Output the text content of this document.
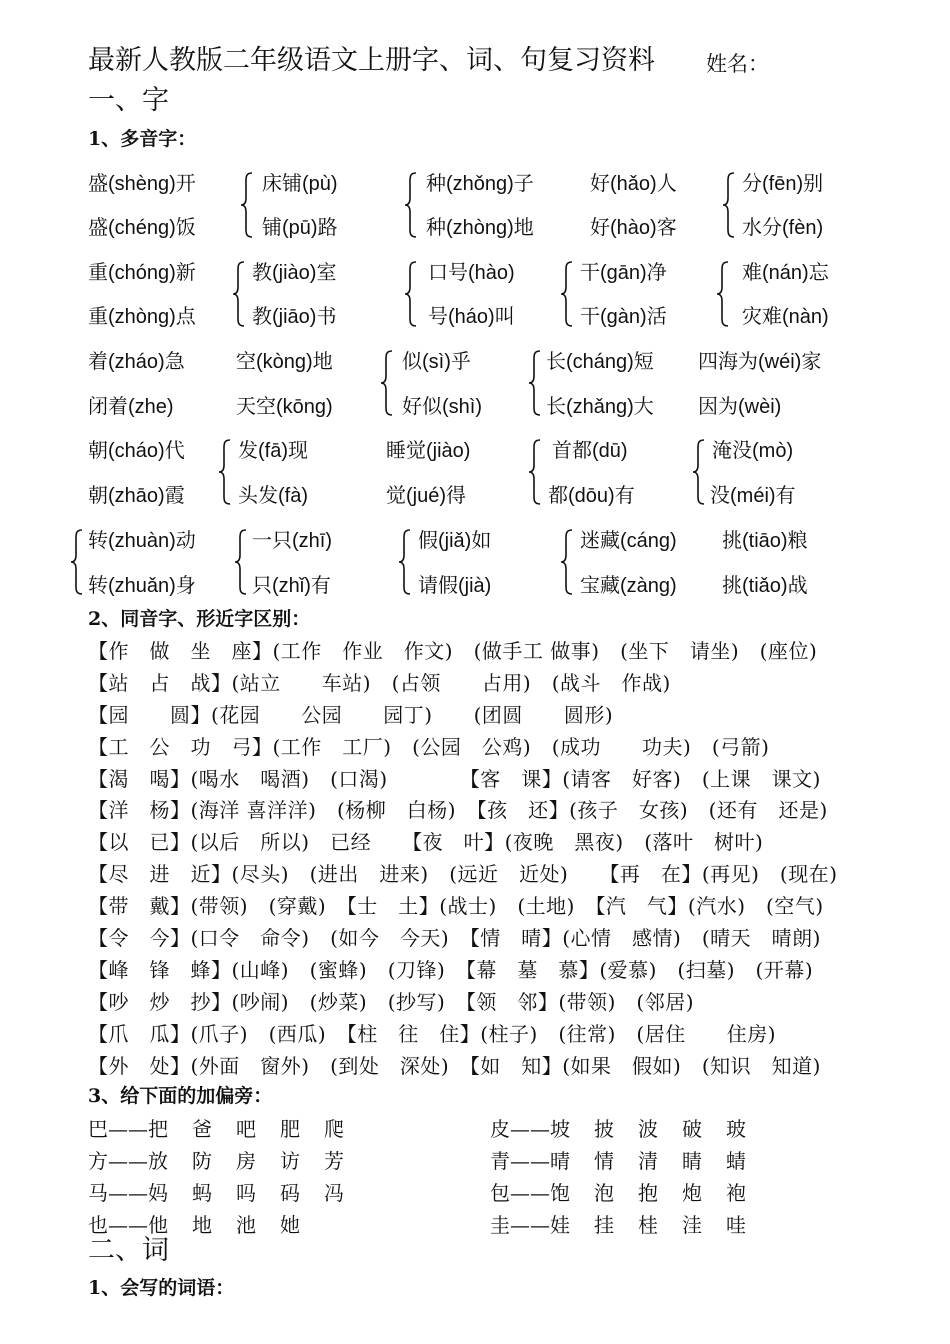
最新人教版二年级语文上册字、词、句复习资料 姓名：
一、字
1、多音字：
盛(shèng)开	床铺(pù)	种(zhǒng)子	好(hǎo)人	分(fēn)别
盛(chéng)饭	铺(pū)路	种(zhòng)地	好(hào)客	水分(fèn)
重(chóng)新	教(jiào)室	口号(hào)	干(gān)净	难(nán)忘
重(zhòng)点	教(jiāo)书	号(háo)叫	干(gàn)活	灾难(nàn)
着(zháo)急	空(kòng)地	似(sì)乎	长(cháng)短 四海为(wéi)家
闭着(zhe)	天空(kōng)	好似(shì)	长(zhǎng)大 因为(wèi)
朝(cháo)代	发(fā)现	睡觉(jiào)	首都(dū)	淹没(mò)
朝(zhāo)霞	头发(fà)	觉(jué)得	都(dōu)有	没(méi)有
转(zhuàn)动	一只(zhī)	假(jiǎ)如	迷藏(cáng) 挑(tiāo)粮
转(zhuǎn)身	只(zhǐ)有	请假(jià)	宝藏(zàng) 挑(tiǎo)战
2、同音字、形近字区别：
【作　做　坐　座】(工作　作业　作文)　(做手工 做事)　(坐下　请坐)　(座位)
【站　占　战】(站立　　车站)　(占领　　占用)　(战斗　作战)
【园　　圆】(花园　　公园　　园丁)　　(团圆　　圆形)
【工　公　功　弓】(工作　工厂)　(公园　公鸡)　(成功　　功夫)　(弓箭)
【渴　喝】(喝水　喝酒)　(口渴)　　　　【客　课】(请客　好客)　(上课　课文)
【洋　杨】(海洋 喜洋洋)　(杨柳　白杨)　【孩　还】(孩子　女孩)　(还有　还是)
【以　已】(以后　所以)　已经　　【夜　叶】(夜晚　黑夜)　(落叶　树叶)
【尽　进　近】(尽头)　(进出　进来)　(远近　近处)　　【再　在】(再见)　(现在)
【带　戴】(带领)　(穿戴)　【士　土】(战士)　(土地)　【汽　气】(汽水)　(空气)
【令　今】(口令　命令)　(如今　今天)　【情　晴】(心情　感情)　(晴天　晴朗)
【峰　锋　蜂】(山峰)　(蜜蜂)　(刀锋)　【幕　墓　慕】(爱慕)　(扫墓)　(开幕)
【吵　炒　抄】(吵闹)　(炒菜)　(抄写)　【领　邻】(带领)　(邻居)
【爪　瓜】(爪子)　(西瓜)　【柱　往　住】(柱子)　(往常)　(居住　　住房)
【外　处】(外面　窗外)　(到处　深处)　【如　知】(如果　假如)　(知识　知道)
3、给下面的加偏旁：
巴——把 爸 吧 肥 爬	皮——坡 披 波 破 玻
方——放 防 房 访 芳	青——晴 情 清 睛 蜻
马——妈 蚂 吗 码 冯	包——饱 泡 抱 炮 袍
也——他 地 池 她	圭——娃 挂 桂 洼 哇
二、词
1、会写的词语：
